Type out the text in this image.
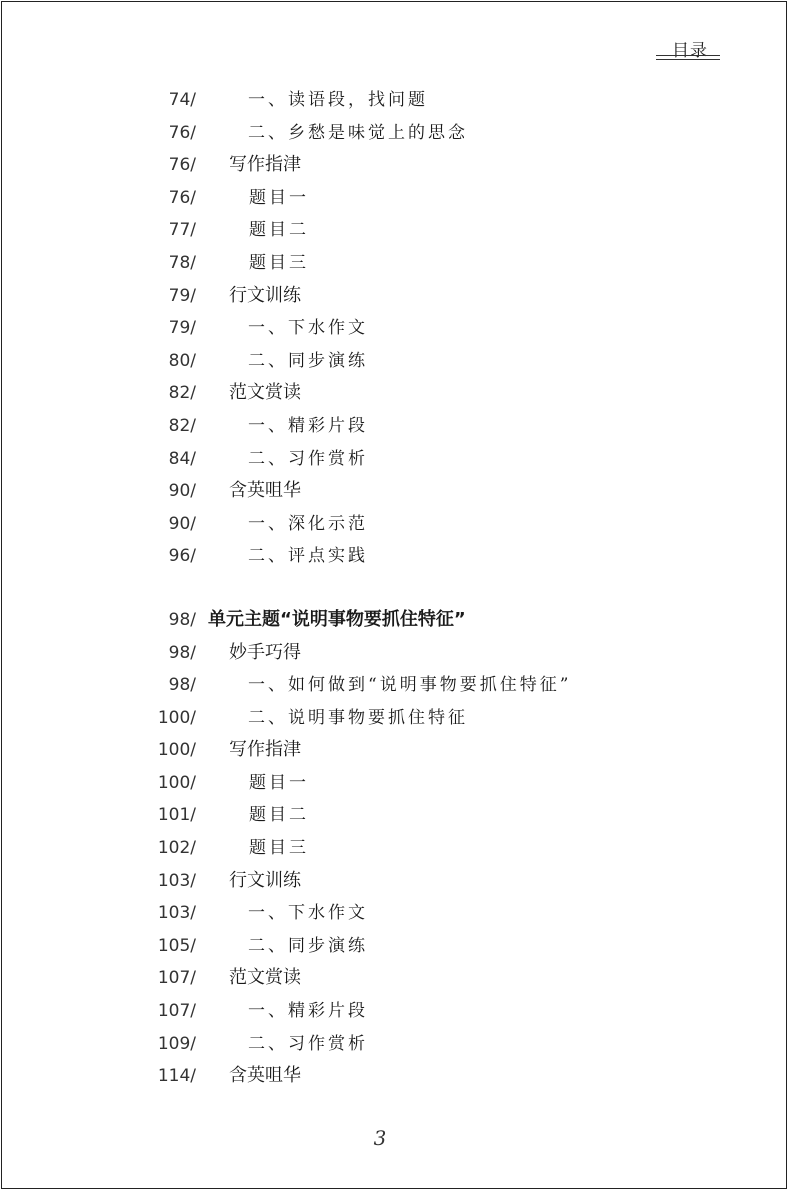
目录
74/	一、读语段，找问题
76/	二、乡愁是味觉上的思念
76/ 写作指津
76/	题目一
77/	题目二
78/	题目三
79/ 行文训练
79/	一、下水作文
80/	二、同步演练
82/ 范文赏读
82/	一、精彩片段
84/	二、习作赏析
90/ 含英咀华
90/	一、深化示范
96/	二、评点实践
98/ 单元主题“说明事物要抓住特征”
98/ 妙手巧得
98/	一、如何做到“说明事物要抓住特征”
100/	二、说明事物要抓住特征
100/ 写作指津
100/	题目一
101/	题目二
102/	题目三
103/ 行文训练
103/	一、下水作文
105/	二、同步演练
107/ 范文赏读
107/	一、精彩片段
109/	二、习作赏析
114/ 含英咀华
3
